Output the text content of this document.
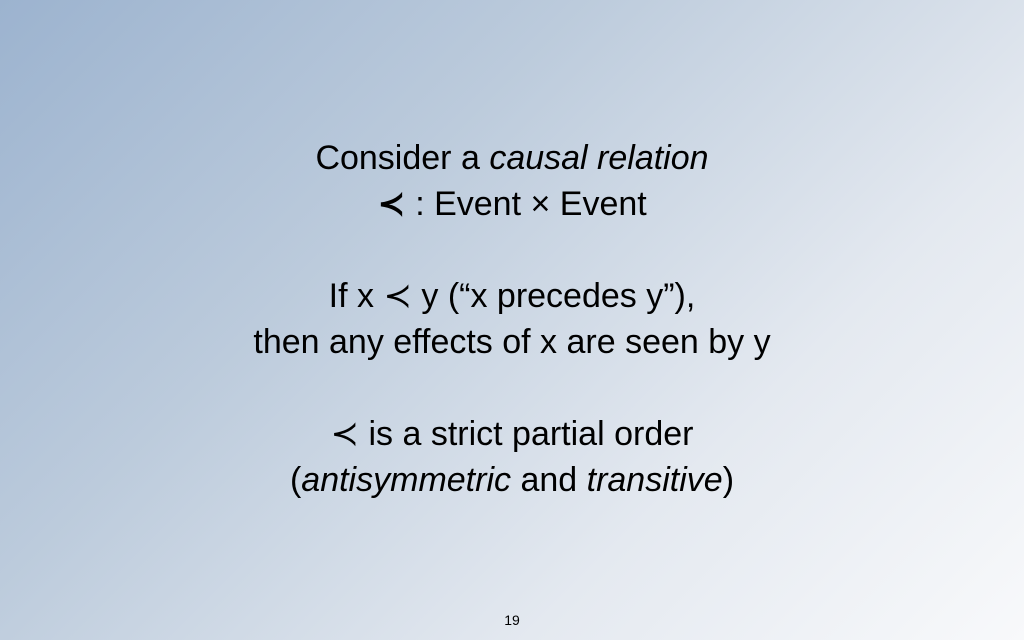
Consider a causal relation
≺ : Event × Event
If x ≺ y (“x precedes y”),
then any effects of x are seen by y
≺ is a strict partial order
(antisymmetric and transitive)
19
